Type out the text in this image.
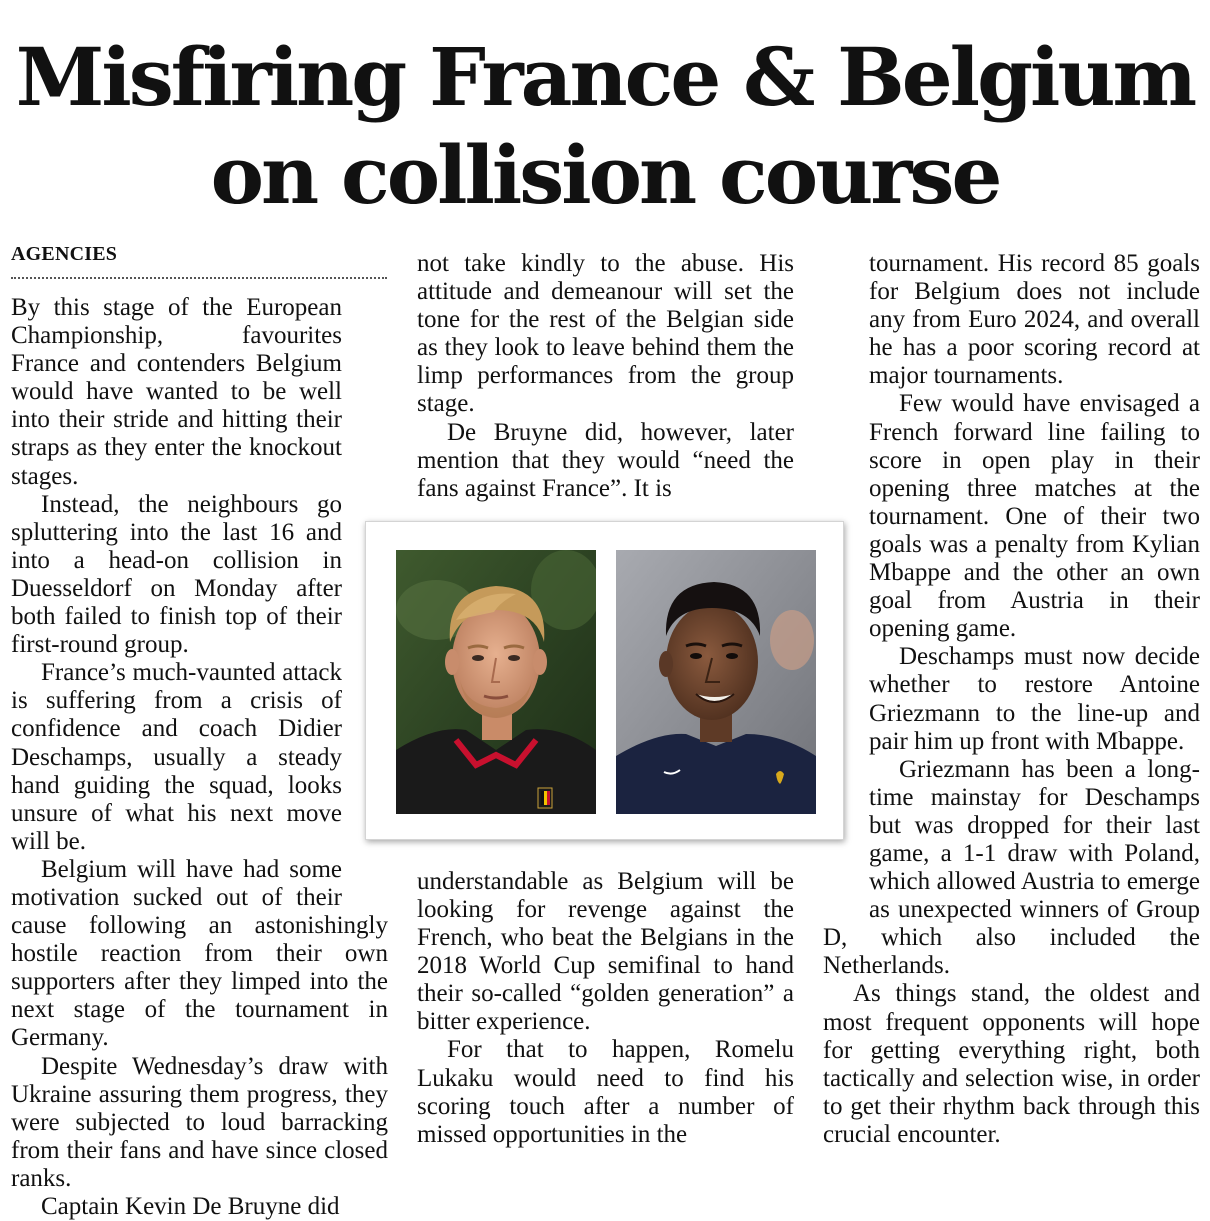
Misfiring France & Belgium
on collision course
AGENCIES

By this stage of the European Championship, favourites France and contenders Belgium would have wanted to be well into their stride and hitting their straps as they enter the knockout stages.

Instead, the neighbours go spluttering into the last 16 and into a head-on collision in Duesseldorf on Monday after both failed to finish top of their first-round group.

France’s much-vaunted attack is suffering from a crisis of confidence and coach Didier Deschamps, usually a steady hand guiding the squad, looks unsure of what his next move will be.

Belgium will have had some motivation sucked out of their cause following an astonishingly hostile reaction from their own supporters after they limped into the next stage of the tournament in Germany.

Despite Wednesday’s draw with Ukraine assuring them progress, they were subjected to loud barracking from their fans and have since closed ranks.

Captain Kevin De Bruyne did

not take kindly to the abuse. His attitude and demeanour will set the tone for the rest of the Belgian side as they look to leave behind them the limp performances from the group stage.

De Bruyne did, however, later mention that they would “need the fans against France”. It is

understandable as Belgium will be looking for revenge against the French, who beat the Belgians in the 2018 World Cup semifinal to hand their so-called “golden generation” a bitter experience.

For that to happen, Romelu Lukaku would need to find his scoring touch after a number of missed opportunities in the

tournament. His record 85 goals for Belgium does not include any from Euro 2024, and overall he has a poor scoring record at major tournaments.

Few would have envisaged a French forward line failing to score in open play in their opening three matches at the tournament. One of their two goals was a penalty from Kylian Mbappe and the other an own goal from Austria in their opening game.

Deschamps must now decide whether to restore Antoine Griezmann to the line-up and pair him up front with Mbappe.

Griezmann has been a long-time mainstay for Deschamps but was dropped for their last game, a 1-1 draw with Poland, which allowed Austria to emerge as unexpected winners of Group D, which also included the Netherlands.

As things stand, the oldest and most frequent opponents will hope for getting everything right, both tactically and selection wise, in order to get their rhythm back through this crucial encounter.
